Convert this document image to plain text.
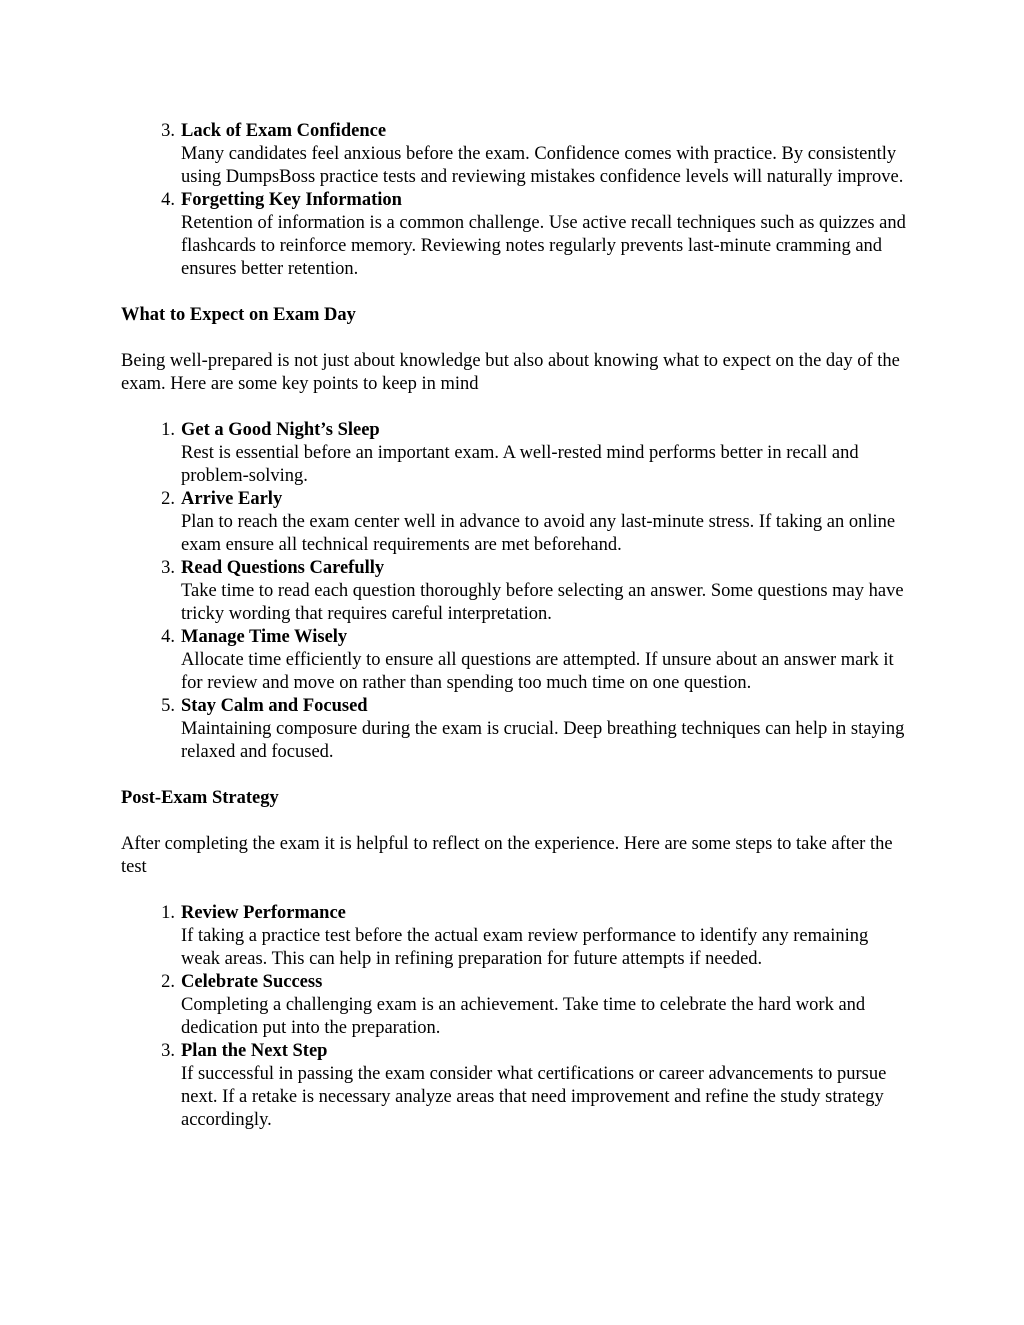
3. Lack of Exam Confidence
Many candidates feel anxious before the exam. Confidence comes with practice. By consistently using DumpsBoss practice tests and reviewing mistakes confidence levels will naturally improve.
4. Forgetting Key Information
Retention of information is a common challenge. Use active recall techniques such as quizzes and flashcards to reinforce memory. Reviewing notes regularly prevents last-minute cramming and ensures better retention.

What to Expect on Exam Day

Being well-prepared is not just about knowledge but also about knowing what to expect on the day of the exam. Here are some key points to keep in mind

1. Get a Good Night’s Sleep
Rest is essential before an important exam. A well-rested mind performs better in recall and problem-solving.
2. Arrive Early
Plan to reach the exam center well in advance to avoid any last-minute stress. If taking an online exam ensure all technical requirements are met beforehand.
3. Read Questions Carefully
Take time to read each question thoroughly before selecting an answer. Some questions may have tricky wording that requires careful interpretation.
4. Manage Time Wisely
Allocate time efficiently to ensure all questions are attempted. If unsure about an answer mark it for review and move on rather than spending too much time on one question.
5. Stay Calm and Focused
Maintaining composure during the exam is crucial. Deep breathing techniques can help in staying relaxed and focused.

Post-Exam Strategy

After completing the exam it is helpful to reflect on the experience. Here are some steps to take after the test

1. Review Performance
If taking a practice test before the actual exam review performance to identify any remaining weak areas. This can help in refining preparation for future attempts if needed.
2. Celebrate Success
Completing a challenging exam is an achievement. Take time to celebrate the hard work and dedication put into the preparation.
3. Plan the Next Step
If successful in passing the exam consider what certifications or career advancements to pursue next. If a retake is necessary analyze areas that need improvement and refine the study strategy accordingly.
